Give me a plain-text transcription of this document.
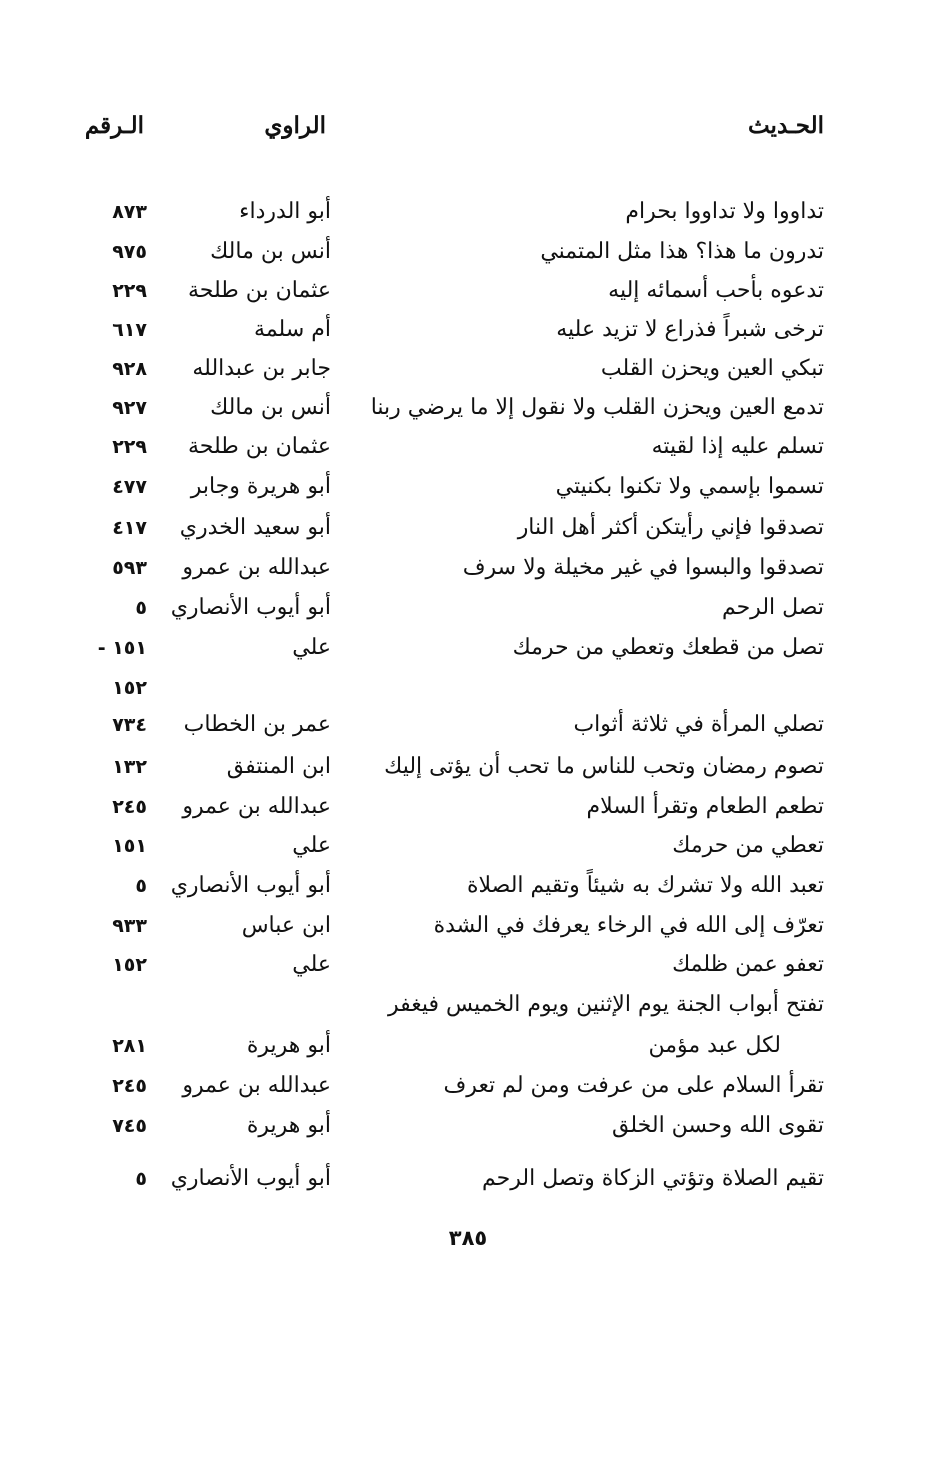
الحـديث
الراوي
الـرقم
تداووا ولا تداووا بحرام
أبو الدرداء
٨٧٣
تدرون ما هذا؟ هذا مثل المتمني
أنس بن مالك
٩٧٥
تدعوه بأحب أسمائه إليه
عثمان بن طلحة
٢٢٩
ترخى شبراً فذراع لا تزيد عليه
أم سلمة
٦١٧
تبكي العين ويحزن القلب
جابر بن عبدالله
٩٢٨
تدمع العين ويحزن القلب ولا نقول إلا ما يرضي ربنا
أنس بن مالك
٩٢٧
تسلم عليه إذا لقيته
عثمان بن طلحة
٢٢٩
تسموا بإسمي ولا تكنوا بكنيتي
أبو هريرة وجابر
٤٧٧
تصدقوا فإني رأيتكن أكثر أهل النار
أبو سعيد الخدري
٤١٧
تصدقوا والبسوا في غير مخيلة ولا سرف
عبدالله بن عمرو
٥٩٣
تصل الرحم
أبو أيوب الأنصاري
٥
تصل من قطعك وتعطي من حرمك
علي
١٥١ -
١٥٢
تصلي المرأة في ثلاثة أثواب
عمر بن الخطاب
٧٣٤
تصوم رمضان وتحب للناس ما تحب أن يؤتى إليك
ابن المنتفق
١٣٢
تطعم الطعام وتقرأ السلام
عبدالله بن عمرو
٢٤٥
تعطي من حرمك
علي
١٥١
تعبد الله ولا تشرك به شيئاً وتقيم الصلاة
أبو أيوب الأنصاري
٥
تعرّف إلى الله في الرخاء يعرفك في الشدة
ابن عباس
٩٣٣
تعفو عمن ظلمك
علي
١٥٢
تفتح أبواب الجنة يوم الإثنين ويوم الخميس فيغفر
لكل عبد مؤمن
أبو هريرة
٢٨١
تقرأ السلام على من عرفت ومن لم تعرف
عبدالله بن عمرو
٢٤٥
تقوى الله وحسن الخلق
أبو هريرة
٧٤٥
تقيم الصلاة وتؤتي الزكاة وتصل الرحم
أبو أيوب الأنصاري
٥
٣٨٥
